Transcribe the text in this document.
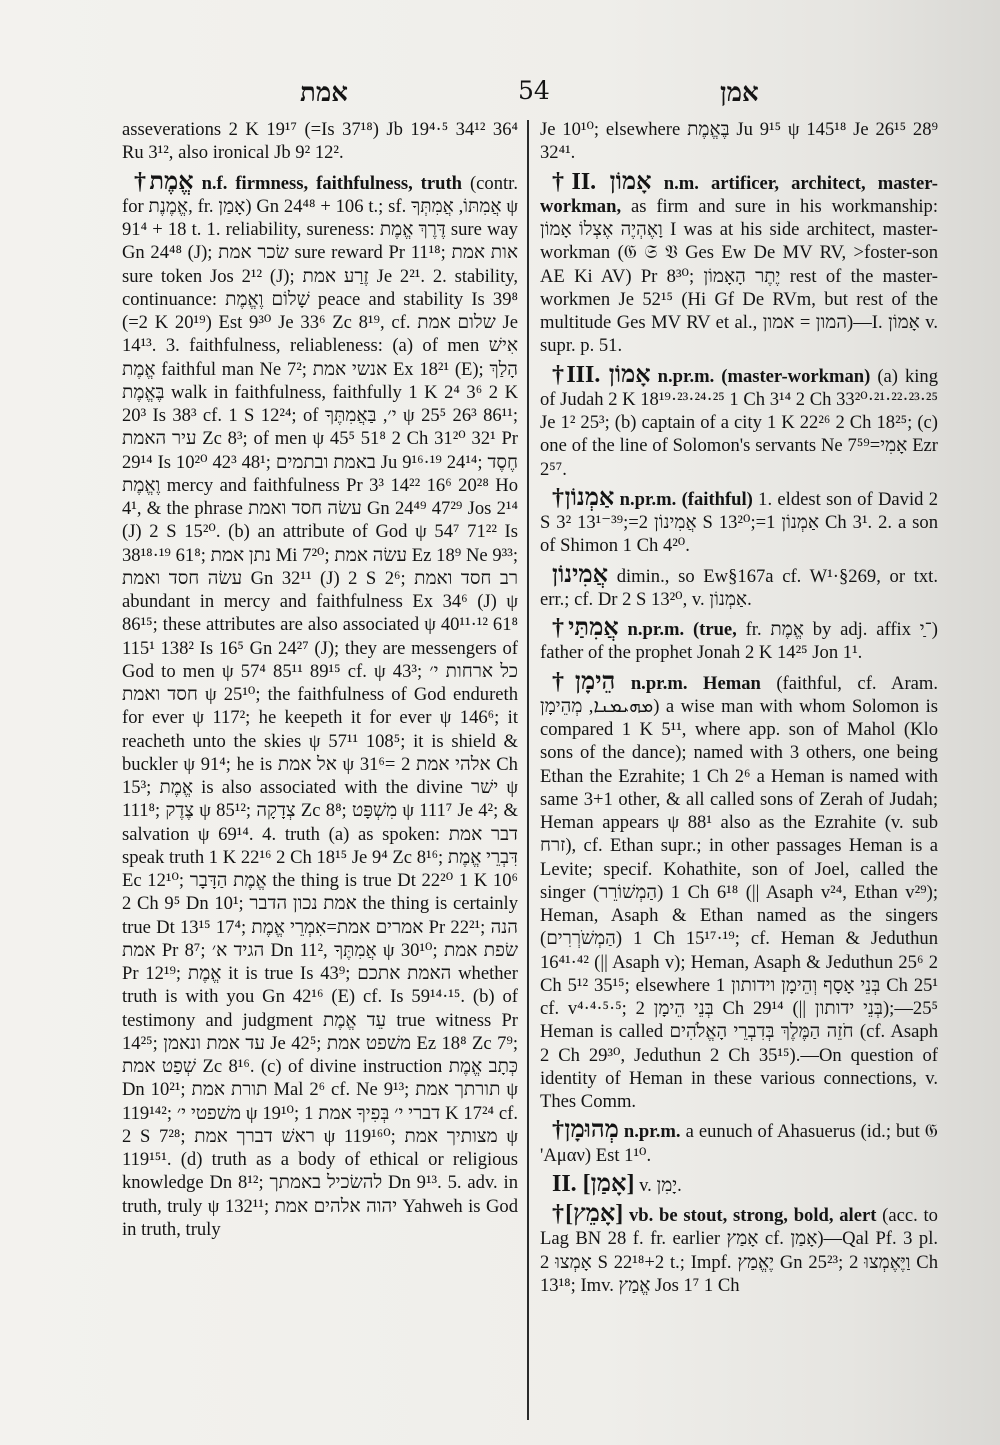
אמת	54	אמן

asseverations 2 K 19¹⁷ (=Is 37¹⁸) Jb 19⁴·⁵ 34¹² 36⁴ Ru 3¹², also ironical Jb 9² 12².

†אֱמֶת n.f. firmness, faithfulness, truth (contr. for אֱמֶנֶת, fr. אָמַן) Gn 24⁴⁸ + 106 t.; sf. אֲמִתּוֹ, אֲמִתְּךָ ψ 91⁴ + 18 t. 1. reliability, sureness: דֶּרֶךְ אֱמֶת sure way Gn 24⁴⁸ (J); שׂכר אמת sure reward Pr 11¹⁸; אות אמת sure token Jos 2¹² (J); זֶרַע אמת Je 2²¹. 2. stability, continuance: שָׁלוֹם וֶאֱמֶת peace and stability Is 39⁸ (=2 K 20¹⁹) Est 9³⁰ Je 33⁶ Zc 8¹⁹, cf. שלום אמת Je 14¹³. 3. faithfulness, reliableness: (a) of men אִישׁ אֱמֶת faithful man Ne 7²; אנשי אמת Ex 18²¹ (E); הָלַךְ בֶּאֱמֶת walk in faithfulness, faithfully 1 K 2⁴ 3⁶ 2 K 20³ Is 38³ cf. 1 S 12²⁴; of י׳, בַּאֲמִתֶּךָ ψ 25⁵ 26³ 86¹¹; עיר האמת Zc 8³; of men ψ 45⁵ 51⁸ 2 Ch 31²⁰ 32¹ Pr 29¹⁴ Is 10²⁰ 42³ 48¹; באמת ובתמים Ju 9¹⁶·¹⁹ 24¹⁴; חֶסֶד וֶאֱמֶת mercy and faithfulness Pr 3³ 14²² 16⁶ 20²⁸ Ho 4¹, & the phrase עשׂה חסד ואמת Gn 24⁴⁹ 47²⁹ Jos 2¹⁴ (J) 2 S 15²⁰. (b) an attribute of God ψ 54⁷ 71²² Is 38¹⁸·¹⁹ 61⁸; נתן אמת Mi 7²⁰; עשׂה אמת Ez 18⁹ Ne 9³³; עשׂה חסד ואמת Gn 32¹¹ (J) 2 S 2⁶; רב חסד ואמת abundant in mercy and faithfulness Ex 34⁶ (J) ψ 86¹⁵; these attributes are also associated ψ 40¹¹·¹² 61⁸ 115¹ 138² Is 16⁵ Gn 24²⁷ (J); they are messengers of God to men ψ 57⁴ 85¹¹ 89¹⁵ cf. ψ 43³; כל ארחות י׳ חסד ואמת ψ 25¹⁰; the faithfulness of God endureth for ever ψ 117²; he keepeth it for ever ψ 146⁶; it reacheth unto the skies ψ 57¹¹ 108⁵; it is shield & buckler ψ 91⁴; he is אל אמת ψ 31⁶= אלהי אמת 2 Ch 15³; אֱמֶת is also associated with the divine ישׁר ψ 111⁸; צֶדֶק ψ 85¹²; צְדָקָה Zc 8⁸; מִשְׁפָּט ψ 111⁷ Je 4²; & salvation ψ 69¹⁴. 4. truth (a) as spoken: דבר אמת speak truth 1 K 22¹⁶ 2 Ch 18¹⁵ Je 9⁴ Zc 8¹⁶; דִּבְרֵי אֱמֶת Ec 12¹⁰; אֱמֶת הַדָּבָר the thing is true Dt 22²⁰ 1 K 10⁶ 2 Ch 9⁵ Dn 10¹; אמת נכון הדבר the thing is certainly true Dt 13¹⁵ 17⁴; אמרים אמת=אִמְרֵי אֱמֶת Pr 22²¹; הנה אמת Pr 8⁷; הגיד א׳ Dn 11², אֲמִתֶּךָ ψ 30¹⁰; שׂפת אמת Pr 12¹⁹; אֱמֶת it is true Is 43⁹; האמת אתכם whether truth is with you Gn 42¹⁶ (E) cf. Is 59¹⁴·¹⁵. (b) of testimony and judgment עֵד אֱמֶת true witness Pr 14²⁵; עד אמת ונאמן Je 42⁵; משׁפט אמת Ez 18⁸ Zc 7⁹; שְׁפַט אמת Zc 8¹⁶. (c) of divine instruction כְּתָב אֱמֶת Dn 10²¹; תורת אמת Mal 2⁶ cf. Ne 9¹³; תורתך אמת ψ 119¹⁴²; משׁפטי י׳ ψ 19¹⁰; דברי י׳ בְּפִיךָ אמת 1 K 17²⁴ cf. 2 S 7²⁸; ראשׁ דברך אמת ψ 119¹⁶⁰; מצותיך אמת ψ 119¹⁵¹. (d) truth as a body of ethical or religious knowledge Dn 8¹²; להשׂכיל באמתך Dn 9¹³. 5. adv. in truth, truly ψ 132¹¹; יהוה אלהים אמת Yahweh is God in truth, truly

Je 10¹⁰; elsewhere בֶּאֱמֶת Ju 9¹⁵ ψ 145¹⁸ Je 26¹⁵ 28⁹ 32⁴¹.

†II. אָמוֹן n.m. artificer, architect, master-workman, as firm and sure in his workmanship: וָאֶהְיֶה אֶצְלוֹ אָמוֹן I was at his side architect, master-workman (𝔊 𝔖 𝔙 Ges Ew De MV RV, >foster-son AE Ki AV) Pr 8³⁰; יֶתֶר הָאָמוֹן rest of the master-workmen Je 52¹⁵ (Hi Gf De RVm, but rest of the multitude Ges MV RV et al., המון = אמון)—I. אָמוֹן v. supr. p. 51.

†III. אָמוֹן n.pr.m. (master-workman) (a) king of Judah 2 K 18¹⁹·²³·²⁴·²⁵ 1 Ch 3¹⁴ 2 Ch 33²⁰·²¹·²²·²³·²⁵ Je 1² 25³; (b) captain of a city 1 K 22²⁶ 2 Ch 18²⁵; (c) one of the line of Solomon's servants Ne 7⁵⁹=אָמִי Ezr 2⁵⁷.

†אַמְנוֹן n.pr.m. (faithful) 1. eldest son of David 2 S 3² 13¹⁻³⁹;=אֲמִינוֹן 2 S 13²⁰;=אַמְנוֹן 1 Ch 3¹. 2. a son of Shimon 1 Ch 4²⁰.

אֲמִינוֹן dimin., so Ew§167a cf. W¹·§269, or txt. err.; cf. Dr 2 S 13²⁰, v. אַמְנוֹן.

†אֲמִתַּי n.pr.m. (true, fr. אֱמֶת by adj. affix ־ַי) father of the prophet Jonah 2 K 14²⁵ Jon 1¹.

†הֵימָן n.pr.m. Heman (faithful, cf. Aram. ܡܗܝܡܢܐ, מְהֵימָן) a wise man with whom Solomon is compared 1 K 5¹¹, where app. son of Mahol (Klo sons of the dance); named with 3 others, one being Ethan the Ezrahite; 1 Ch 2⁶ a Heman is named with same 3+1 other, & all called sons of Zerah of Judah; Heman appears ψ 88¹ also as the Ezrahite (v. sub זרח), cf. Ethan supr.; in other passages Heman is a Levite; specif. Kohathite, son of Joel, called the singer (הַמְשׁוֹרֵר) 1 Ch 6¹⁸ (|| Asaph v²⁴, Ethan v²⁹); Heman, Asaph & Ethan named as the singers (הַמְשֹׁרְרִים) 1 Ch 15¹⁷·¹⁹; cf. Heman & Jeduthun 16⁴¹·⁴² (|| Asaph v); Heman, Asaph & Jeduthun 25⁶ 2 Ch 5¹² 35¹⁵; elsewhere בְּנֵי אָסָף וְהֵימָן וידותון 1 Ch 25¹ cf. v⁴·⁴·⁵·⁵; בְּנֵי הֵימָן 2 Ch 29¹⁴ (|| בְּנֵי ידותון);—25⁵ Heman is called חֹזֵה הַמֶּלֶךְ בְּדִבְרֵי הָאֱלֹהִים (cf. Asaph 2 Ch 29³⁰, Jeduthun 2 Ch 35¹⁵).—On question of identity of Heman in these various connections, v. Thes Comm.

†מְהוּמָן n.pr.m. a eunuch of Ahasuerus (id.; but 𝔊 'Αμαν) Est 1¹⁰.

II. [אָמַן] v. יָמִן.

†[אָמֵץ] vb. be stout, strong, bold, alert (acc. to Lag BN 28 f. fr. earlier אָמַץ cf. אָמַן)—Qal Pf. 3 pl. אָמְצוּ 2 S 22¹⁸+2 t.; Impf. יֶאֱמַץ Gn 25²³; וַיֶּאֶמְצוּ 2 Ch 13¹⁸; Imv. אֱמַץ Jos 1⁷ 1 Ch
